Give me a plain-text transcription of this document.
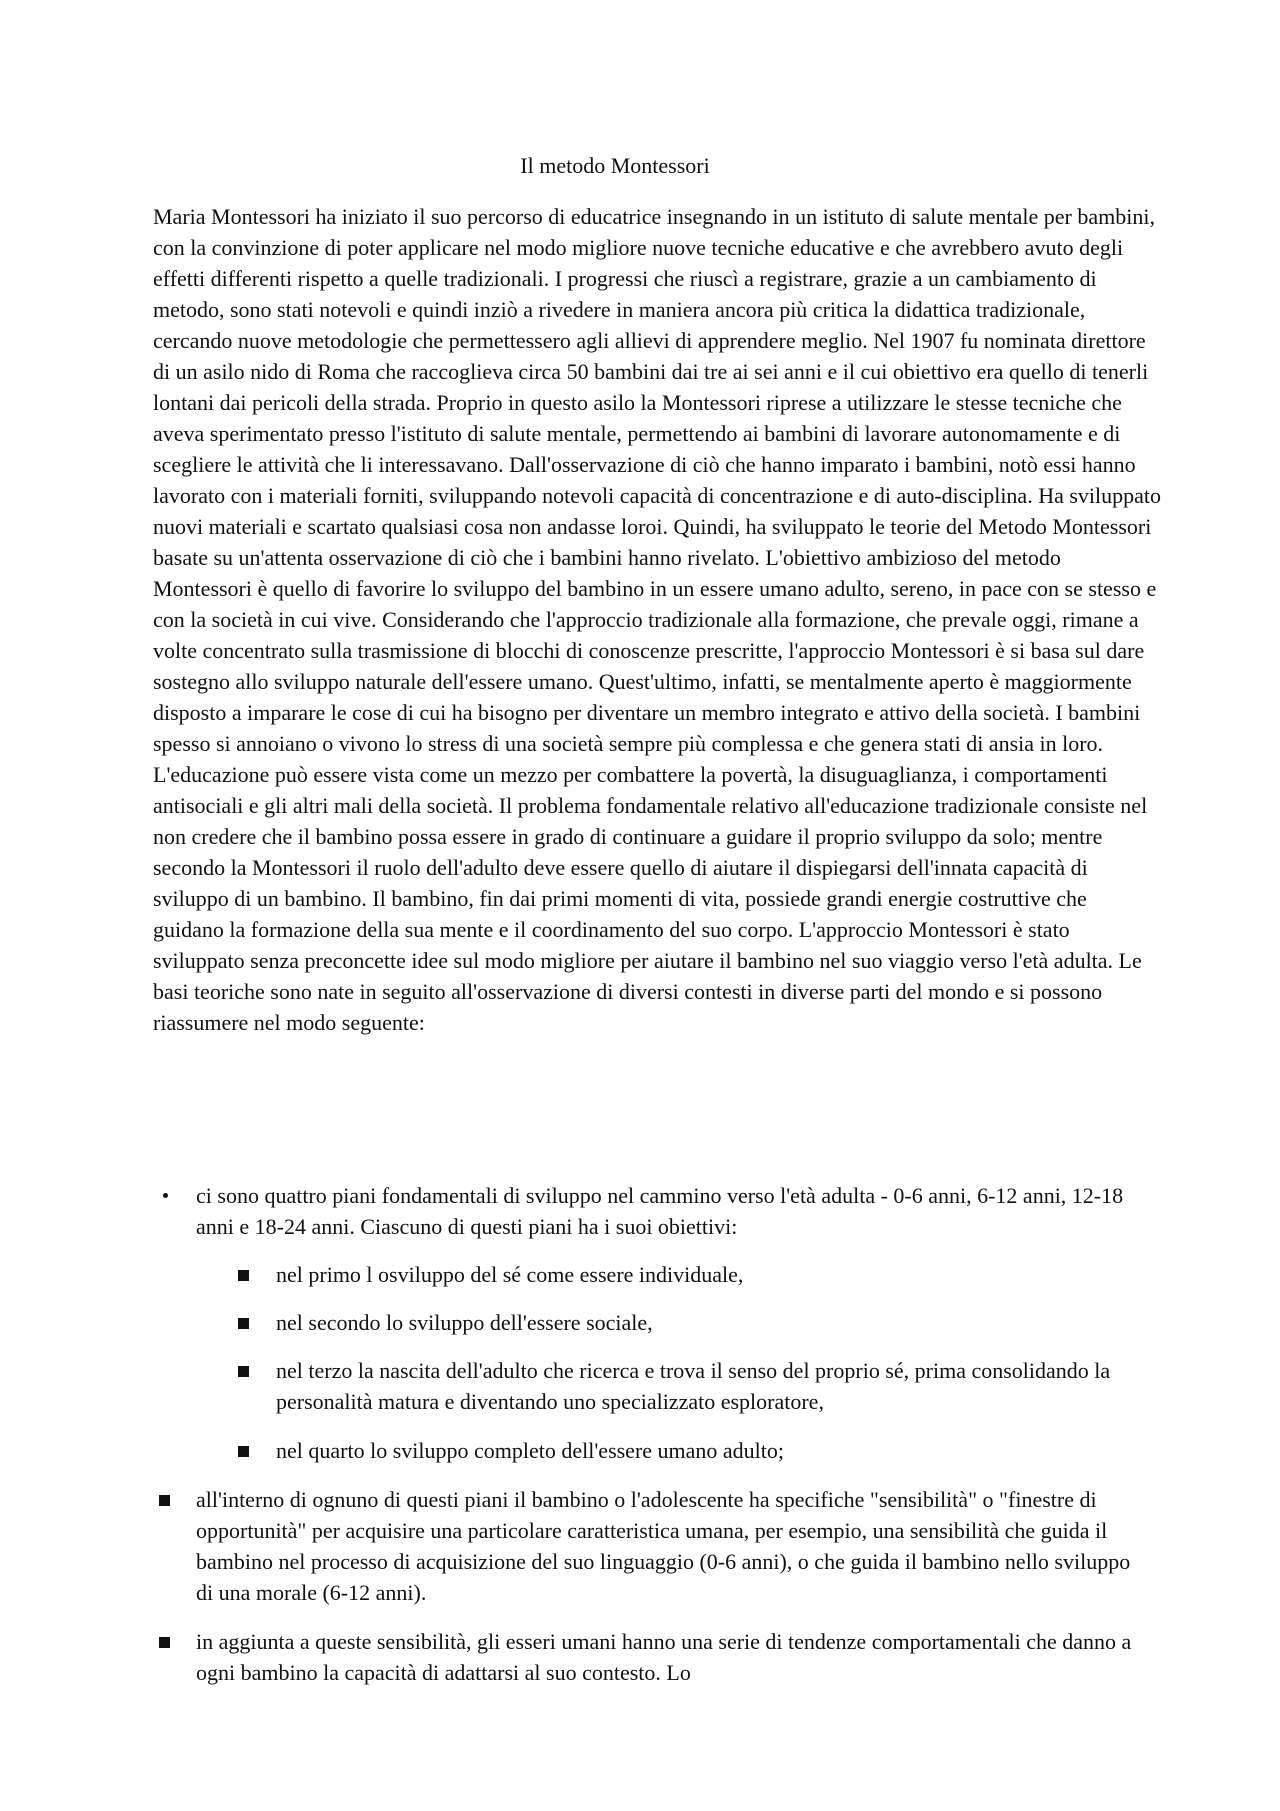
Il metodo Montessori

Maria Montessori ha iniziato il suo percorso di educatrice insegnando in un istituto di salute mentale per bambini, con la convinzione di poter applicare nel modo migliore nuove tecniche educative e che avrebbero avuto degli effetti differenti rispetto a quelle tradizionali. I progressi che riuscì a registrare, grazie a un cambiamento di metodo, sono stati notevoli e quindi inziò a rivedere in maniera ancora più critica la didattica tradizionale, cercando nuove metodologie che permettessero agli allievi di apprendere meglio. Nel 1907 fu nominata direttore di un asilo nido di Roma che raccoglieva circa 50 bambini dai tre ai sei anni e il cui obiettivo era quello di tenerli lontani dai pericoli della strada. Proprio in questo asilo la Montessori riprese a utilizzare le stesse tecniche che aveva sperimentato presso l'istituto di salute mentale, permettendo ai bambini di lavorare autonomamente e di scegliere le attività che li interessavano. Dall'osservazione di ciò che hanno imparato i bambini, notò essi hanno lavorato con i materiali forniti, sviluppando notevoli capacità di concentrazione e di auto-disciplina. Ha sviluppato nuovi materiali e scartato qualsiasi cosa non andasse loroi. Quindi, ha sviluppato le teorie del Metodo Montessori basate su un'attenta osservazione di ciò che i bambini hanno rivelato. L'obiettivo ambizioso del metodo Montessori è quello di favorire lo sviluppo del bambino in un essere umano adulto, sereno, in pace con se stesso e con la società in cui vive. Considerando che l'approccio tradizionale alla formazione, che prevale oggi, rimane a volte concentrato sulla trasmissione di blocchi di conoscenze prescritte, l'approccio Montessori è si basa sul dare sostegno allo sviluppo naturale dell'essere umano. Quest'ultimo, infatti, se mentalmente aperto è maggiormente disposto a imparare le cose di cui ha bisogno per diventare un membro integrato e attivo della società. I bambini spesso si annoiano o vivono lo stress di una società sempre più complessa e che genera stati di ansia in loro. L'educazione può essere vista come un mezzo per combattere la povertà, la disuguaglianza, i comportamenti antisociali e gli altri mali della società. Il problema fondamentale relativo all'educazione tradizionale consiste nel non credere che il bambino possa essere in grado di continuare a guidare il proprio sviluppo da solo; mentre secondo la Montessori il ruolo dell'adulto deve essere quello di aiutare il dispiegarsi dell'innata capacità di sviluppo di un bambino. Il bambino, fin dai primi momenti di vita, possiede grandi energie costruttive che guidano la formazione della sua mente e il coordinamento del suo corpo. L'approccio Montessori è stato sviluppato senza preconcette idee sul modo migliore per aiutare il bambino nel suo viaggio verso l'età adulta. Le basi teoriche sono nate in seguito all'osservazione di diversi contesti in diverse parti del mondo e si possono riassumere nel modo seguente:

ci sono quattro piani fondamentali di sviluppo nel cammino verso l'età adulta - 0-6 anni, 6-12 anni, 12-18 anni e 18-24 anni. Ciascuno di questi piani ha i suoi obiettivi:
nel primo l osviluppo del sé come essere individuale,
nel secondo lo sviluppo dell'essere sociale,
nel terzo la nascita dell'adulto che ricerca e trova il senso del proprio sé, prima consolidando la personalità matura e diventando uno specializzato esploratore,
nel quarto lo sviluppo completo dell'essere umano adulto;
all'interno di ognuno di questi piani il bambino o l'adolescente ha specifiche "sensibilità" o "finestre di opportunità" per acquisire una particolare caratteristica umana, per esempio, una sensibilità che guida il bambino nel processo di acquisizione del suo linguaggio (0-6 anni), o che guida il bambino nello sviluppo di una morale (6-12 anni).
in aggiunta a queste sensibilità, gli esseri umani hanno una serie di tendenze comportamentali che danno a ogni bambino la capacità di adattarsi al suo contesto. Lo
